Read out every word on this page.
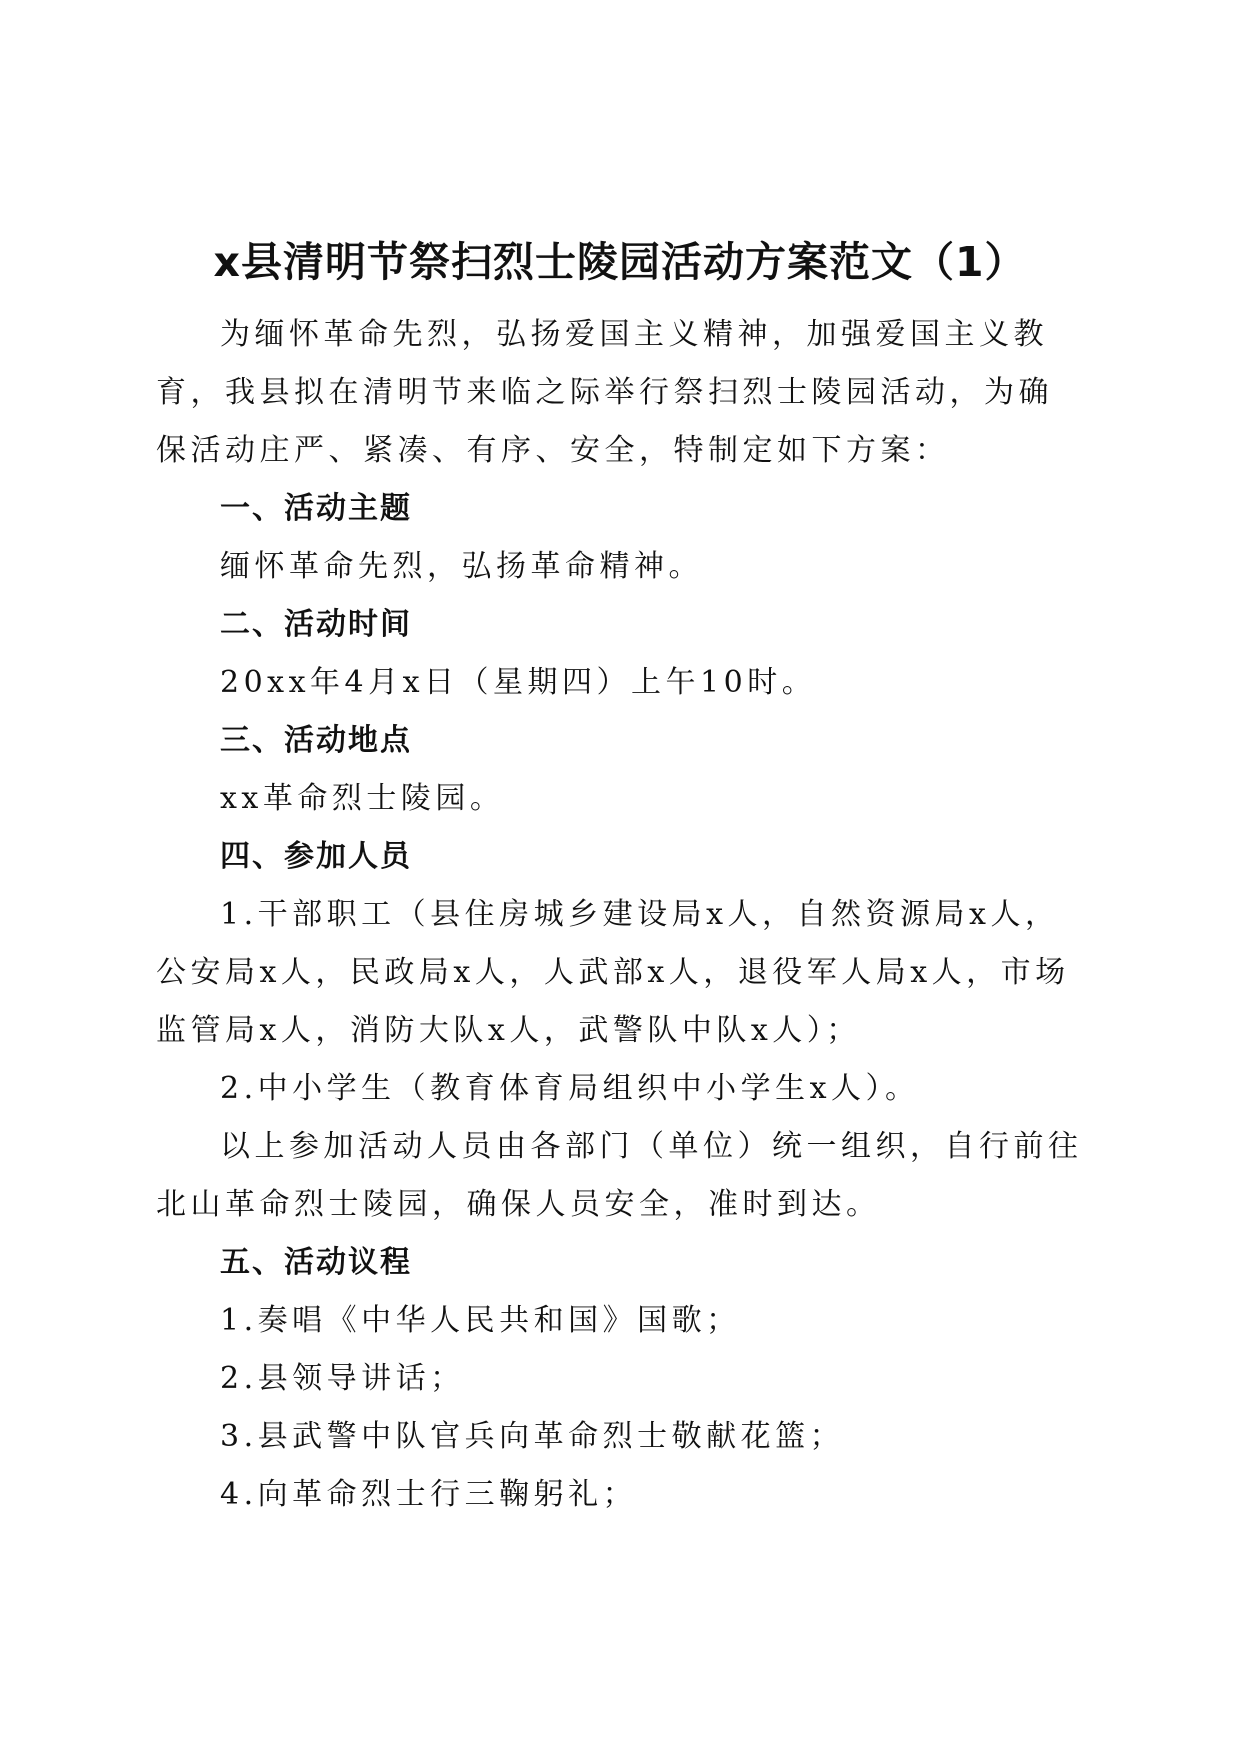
x县清明节祭扫烈士陵园活动方案范文（1）

为缅怀革命先烈，弘扬爱国主义精神，加强爱国主义教育，我县拟在清明节来临之际举行祭扫烈士陵园活动，为确保活动庄严、紧凑、有序、安全，特制定如下方案：

一、活动主题

缅怀革命先烈，弘扬革命精神。

二、活动时间

20xx年4月x日（星期四）上午10时。

三、活动地点

xx革命烈士陵园。

四、参加人员

1.干部职工（县住房城乡建设局x人，自然资源局x人，公安局x人，民政局x人，人武部x人，退役军人局x人，市场监管局x人，消防大队x人，武警队中队x人）；

2.中小学生（教育体育局组织中小学生x人）。

以上参加活动人员由各部门（单位）统一组织，自行前往北山革命烈士陵园，确保人员安全，准时到达。

五、活动议程

1.奏唱《中华人民共和国》国歌；

2.县领导讲话；

3.县武警中队官兵向革命烈士敬献花篮；

4.向革命烈士行三鞠躬礼；
